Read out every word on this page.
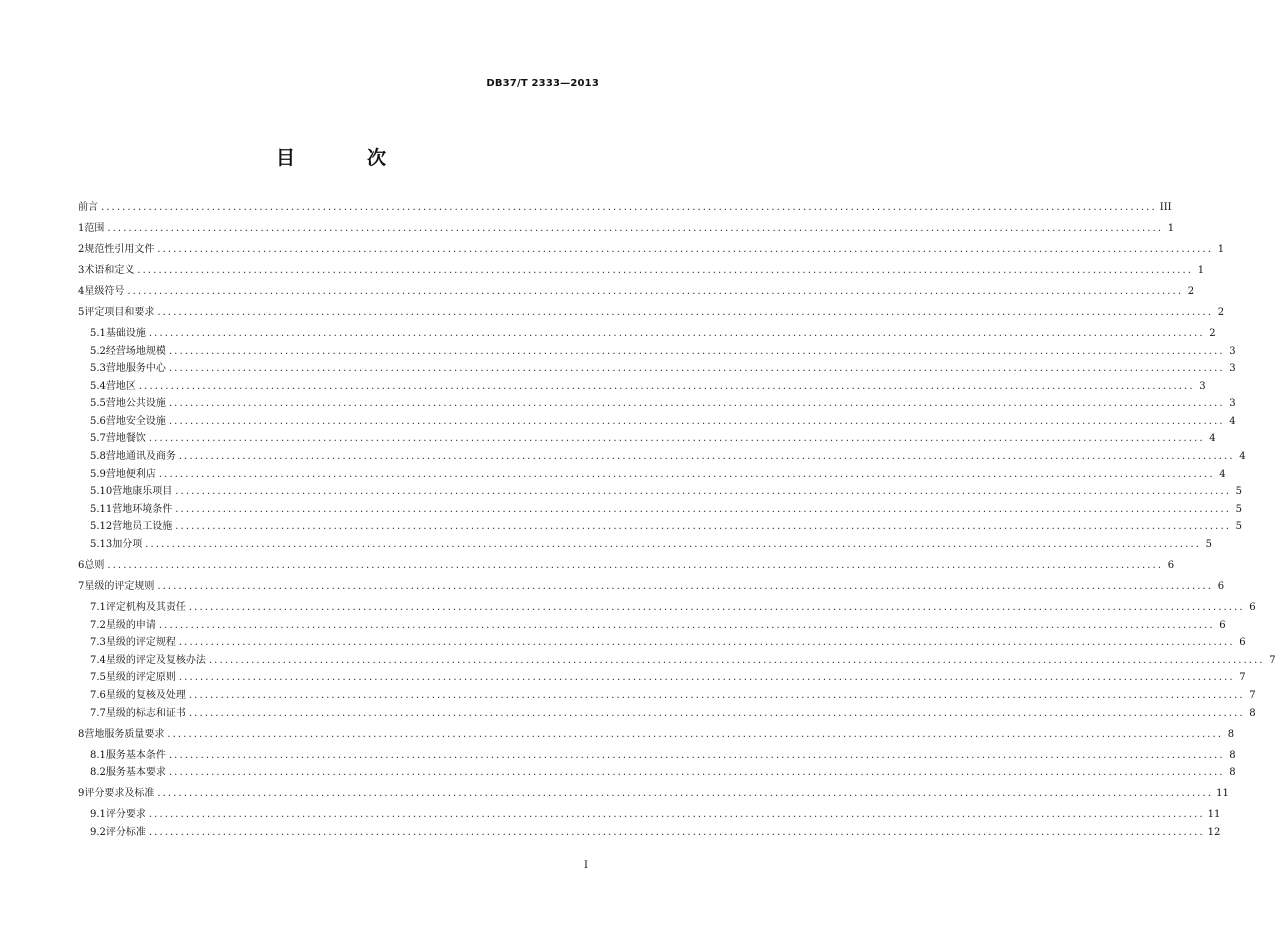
DB37/T 2333—2013
目	次
前言 ........................................................................................................................................................................................................ III
1 范围 ........................................................................................................................................................................................................ 1
2 规范性引用文件 ........................................................................................................................................................................................................ 1
3 术语和定义 ........................................................................................................................................................................................................ 1
4 星级符号 ........................................................................................................................................................................................................ 2
5 评定项目和要求 ........................................................................................................................................................................................................ 2
5.1 基础设施 ........................................................................................................................................................................................................ 2
5.2 经营场地规模 ........................................................................................................................................................................................................ 3
5.3 营地服务中心 ........................................................................................................................................................................................................ 3
5.4 营地区 ........................................................................................................................................................................................................ 3
5.5 营地公共设施 ........................................................................................................................................................................................................ 3
5.6 营地安全设施 ........................................................................................................................................................................................................ 4
5.7 营地餐饮 ........................................................................................................................................................................................................ 4
5.8 营地通讯及商务 ........................................................................................................................................................................................................ 4
5.9 营地便利店 ........................................................................................................................................................................................................ 4
5.10 营地康乐项目 ........................................................................................................................................................................................................ 5
5.11 营地环境条件 ........................................................................................................................................................................................................ 5
5.12 营地员工设施 ........................................................................................................................................................................................................ 5
5.13 加分项 ........................................................................................................................................................................................................ 5
6 总则 ........................................................................................................................................................................................................ 6
7 星级的评定规则 ........................................................................................................................................................................................................ 6
7.1 评定机构及其责任 ........................................................................................................................................................................................................ 6
7.2 星级的申请 ........................................................................................................................................................................................................ 6
7.3 星级的评定规程 ........................................................................................................................................................................................................ 6
7.4 星级的评定及复核办法 ........................................................................................................................................................................................................ 7
7.5 星级的评定原则 ........................................................................................................................................................................................................ 7
7.6 星级的复核及处理 ........................................................................................................................................................................................................ 7
7.7 星级的标志和证书 ........................................................................................................................................................................................................ 8
8 营地服务质量要求 ........................................................................................................................................................................................................ 8
8.1 服务基本条件 ........................................................................................................................................................................................................ 8
8.2 服务基本要求 ........................................................................................................................................................................................................ 8
9 评分要求及标准 ........................................................................................................................................................................................................ 11
9.1 评分要求 ........................................................................................................................................................................................................ 11
9.2 评分标准 ........................................................................................................................................................................................................ 12
I
